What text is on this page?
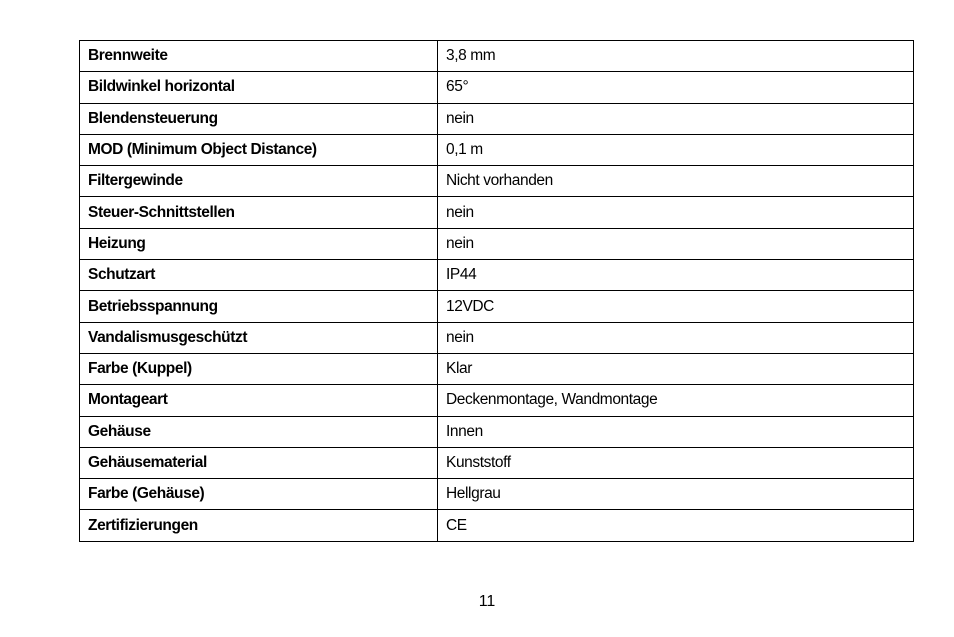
Brennweite	3,8 mm
Bildwinkel horizontal	65°
Blendensteuerung	nein
MOD (Minimum Object Distance)	0,1 m
Filtergewinde	Nicht vorhanden
Steuer-Schnittstellen	nein
Heizung	nein
Schutzart	IP44
Betriebsspannung	12VDC
Vandalismusgeschützt	nein
Farbe (Kuppel)	Klar
Montageart	Deckenmontage, Wandmontage
Gehäuse	Innen
Gehäusematerial	Kunststoff
Farbe (Gehäuse)	Hellgrau
Zertifizierungen	CE
11
